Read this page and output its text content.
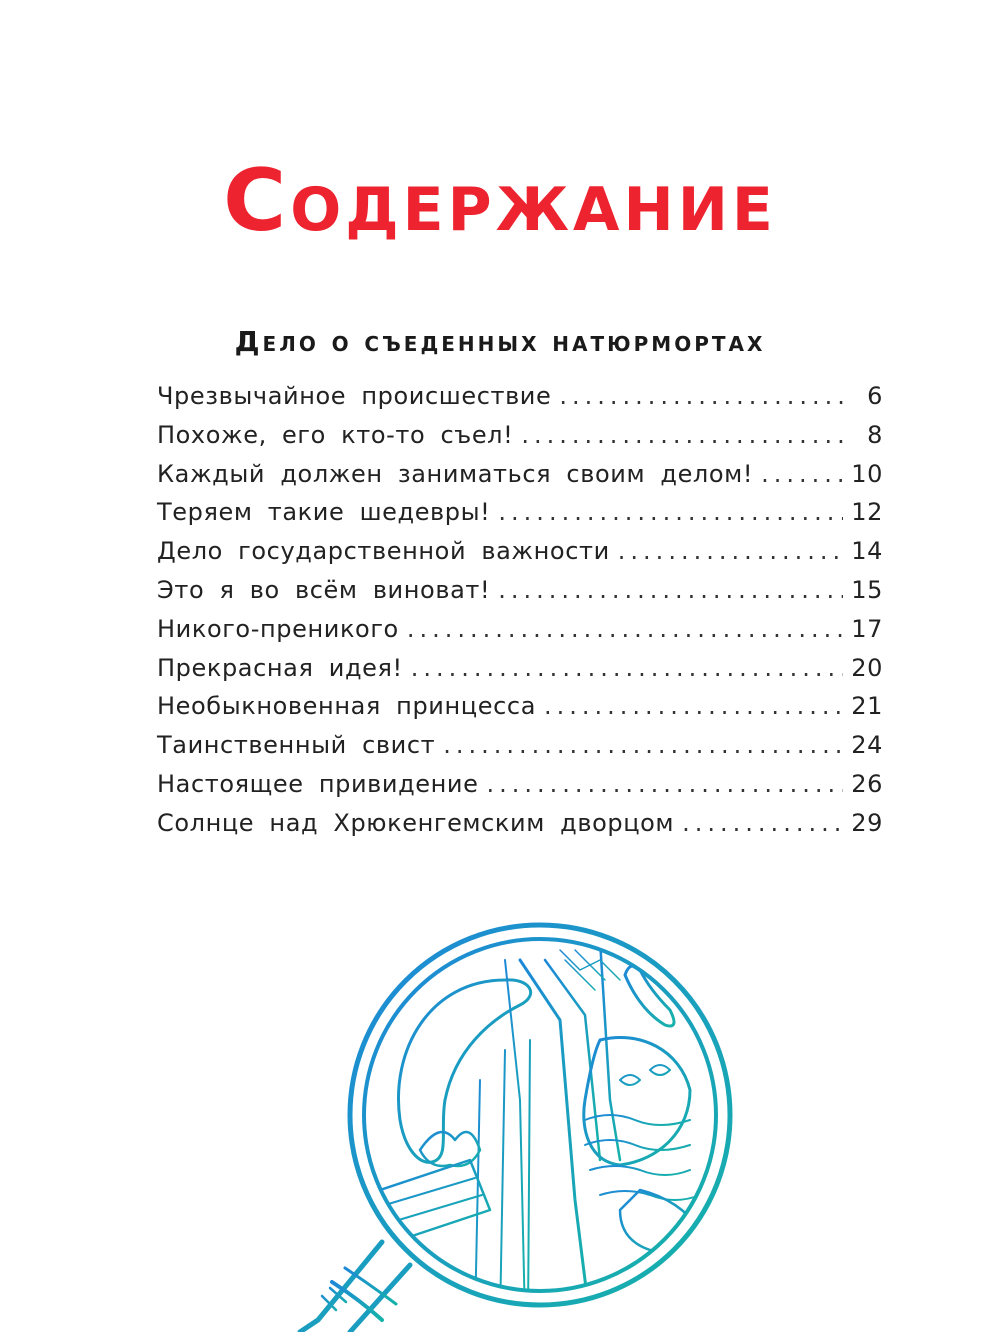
Содержание
Дело о съеденных натюрмортах
Чрезвычайное происшествие .....	6
Похоже, его кто-то съел! .....	8
Каждый должен заниматься своим делом! .....	10
Теряем такие шедевры! .....	12
Дело государственной важности .....	14
Это я во всём виноват! .....	15
Никого-преникого .....	17
Прекрасная идея! .....	20
Необыкновенная принцесса .....	21
Таинственный свист .....	24
Настоящее привидение .....	26
Солнце над Хрюкенгемским дворцом .....	29
